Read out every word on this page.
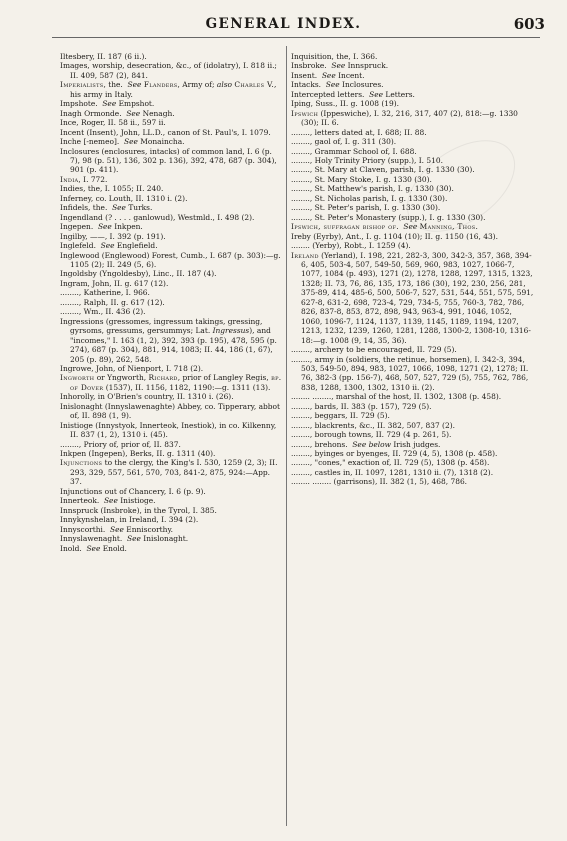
GENERAL INDEX.	603

Iltesbery, II. 187 (6 ii.).

Images, worship, desecration, &c., of (idolatry), I. 818 ii.; II. 409, 587 (2), 841.

Imperialists, the.  See Flanders, Army of; also Charles V., his army in Italy.

Impshote.  See Empshot.

Inagh Ormonde.  See Nenagh.

Ince, Roger, II. 58 ii., 597 ii.

Incent (Insent), John, LL.D., canon of St. Paul's, I. 1079.

Inche [-nemeo].  See Monaincha.

Inclosures (enclosures, intacks) of common land, I. 6 (p. 7), 98 (p. 51), 136, 302 p. 136), 392, 478, 687 (p. 304), 901 (p. 411).

India, I. 772.

Indies, the, I. 1055; II. 240.

Inferney, co. Louth, II. 1310 i. (2).

Infidels, the.  See Turks.

Ingendland (? . . . . ganlowud), Westmld., I. 498 (2).

Ingepen.  See Inkpen.

Ingilby, ——, I. 392 (p. 191).

Inglefeld.  See Englefield.

Inglewood (Englewood) Forest, Cumb., I. 687 (p. 303):—g. 1105 (2); II. 249 (5, 6).

Ingoldsby (Yngoldesby), Linc., II. 187 (4).

Ingram, John, II. g. 617 (12).

........, Katherine, I. 966.

........, Ralph, II. g. 617 (12).

........, Wm., II. 436 (2).

Ingressions (gressomes, ingressum takings, gressing, gyrsoms, gressums, gersummys; Lat. Ingressus), and "incomes," I. 163 (1, 2), 392, 393 (p. 195), 478, 595 (p. 274), 687 (p. 304), 881, 914, 1083; II. 44, 186 (1, 67), 205 (p. 89), 262, 548.

Ingrowe, John, of Nienport, I. 718 (2).

Ingworth or Yngworth, Richard, prior of Langley Regis, bp. of Dover (1537), II. 1156, 1182, 1190:—g. 1311 (13).

Inhorolly, in O'Brien's country, II. 1310 i. (26).

Inislonaght (Innyslawenaghte) Abbey, co. Tipperary, abbot of, II. 898 (1, 9).

Inistioge (Innystyok, Innerteok, Inestiok), in co. Kilkenny, II. 837 (1, 2), 1310 i. (45).

........, Priory of, prior of, II. 837.

Inkpen (Ingepen), Berks, II. g. 1311 (40).

Injunctions to the clergy, the King's I. 530, 1259 (2, 3); II. 293, 329, 557, 561, 570, 703, 841-2, 875, 924:—App. 37.

Injunctions out of Chancery, I. 6 (p. 9).

Innerteok.  See Inistioge.

Innspruck (Insbroke), in the Tyrol, I. 385.

Innykynshelan, in Ireland, I. 394 (2).

Innyscorthi.  See Enniscorthy.

Innyslawenaght.  See Inislonaght.

Inold.  See Enold.

Inquisition, the, I. 366.

Insbroke.  See Innspruck.

Insent.  See Incent.

Intacks.  See Inclosures.

Intercepted letters.  See Letters.

Iping, Suss., II. g. 1008 (19).

Ipswich (Ippeswiche), I. 32, 216, 317, 407 (2), 818:—g. 1330 (30); II. 6.

........, letters dated at, I. 688; II. 88.

........, gaol of, I. g. 311 (30).

........, Grammar School of, I. 688.

........, Holy Trinity Priory (supp.), I. 510.

........, St. Mary at Claven, parish, I. g. 1330 (30).

........, St. Mary Stoke, I. g. 1330 (30).

........, St. Matthew's parish, I. g. 1330 (30).

........, St. Nicholas parish, I. g. 1330 (30).

........, St. Peter's parish, I. g. 1330 (30).

........, St. Peter's Monastery (supp.), I. g. 1330 (30).

Ipswich, suffragan bishop of.  See Manning, Thos.

Ireby (Eyrby), Ant., I. g. 1104 (10); II. g. 1150 (16, 43).

........ (Yerby), Robt., I. 1259 (4).

Ireland (Yerland), I. 198, 221, 282-3, 300, 342-3, 357, 368, 394-6, 405, 503-4, 507, 549-50, 569, 960, 983, 1027, 1066-7, 1077, 1084 (p. 493), 1271 (2), 1278, 1288, 1297, 1315, 1323, 1328; II. 73, 76, 86, 135, 173, 186 (30), 192, 230, 256, 281, 375-89, 414, 485-6, 500, 506-7, 527, 531, 544, 551, 575, 591, 627-8, 631-2, 698, 723-4, 729, 734-5, 755, 760-3, 782, 786, 826, 837-8, 853, 872, 898, 943, 963-4, 991, 1046, 1052, 1060, 1096-7, 1124, 1137, 1139, 1145, 1189, 1194, 1207, 1213, 1232, 1239, 1260, 1281, 1288, 1300-2, 1308-10, 1316-18:—g. 1008 (9, 14, 35, 36).

........, archery to be encouraged, II. 729 (5).

........, army in (soldiers, the retinue, horsemen), I. 342-3, 394, 503, 549-50, 894, 983, 1027, 1066, 1098, 1271 (2), 1278; II. 76, 382-3 (pp. 156-7), 468, 507, 527, 729 (5), 755, 762, 786, 838, 1288, 1300, 1302, 1310 ii. (2).

........ ........, marshal of the host, II. 1302, 1308 (p. 458).

........, bards, II. 383 (p. 157), 729 (5).

........, beggars, II. 729 (5).

........, blackrents, &c., II. 382, 507, 837 (2).

........, borough towns, II. 729 (4 p. 261, 5).

........, brehons.  See below Irish judges.

........, byinges or byenges, II. 729 (4, 5), 1308 (p. 458).

........, "cones," exaction of, II. 729 (5), 1308 (p. 458).

........, castles in, II. 1097, 1281, 1310 ii. (7), 1318 (2).

........ ........ (garrisons), II. 382 (1, 5), 468, 786.
